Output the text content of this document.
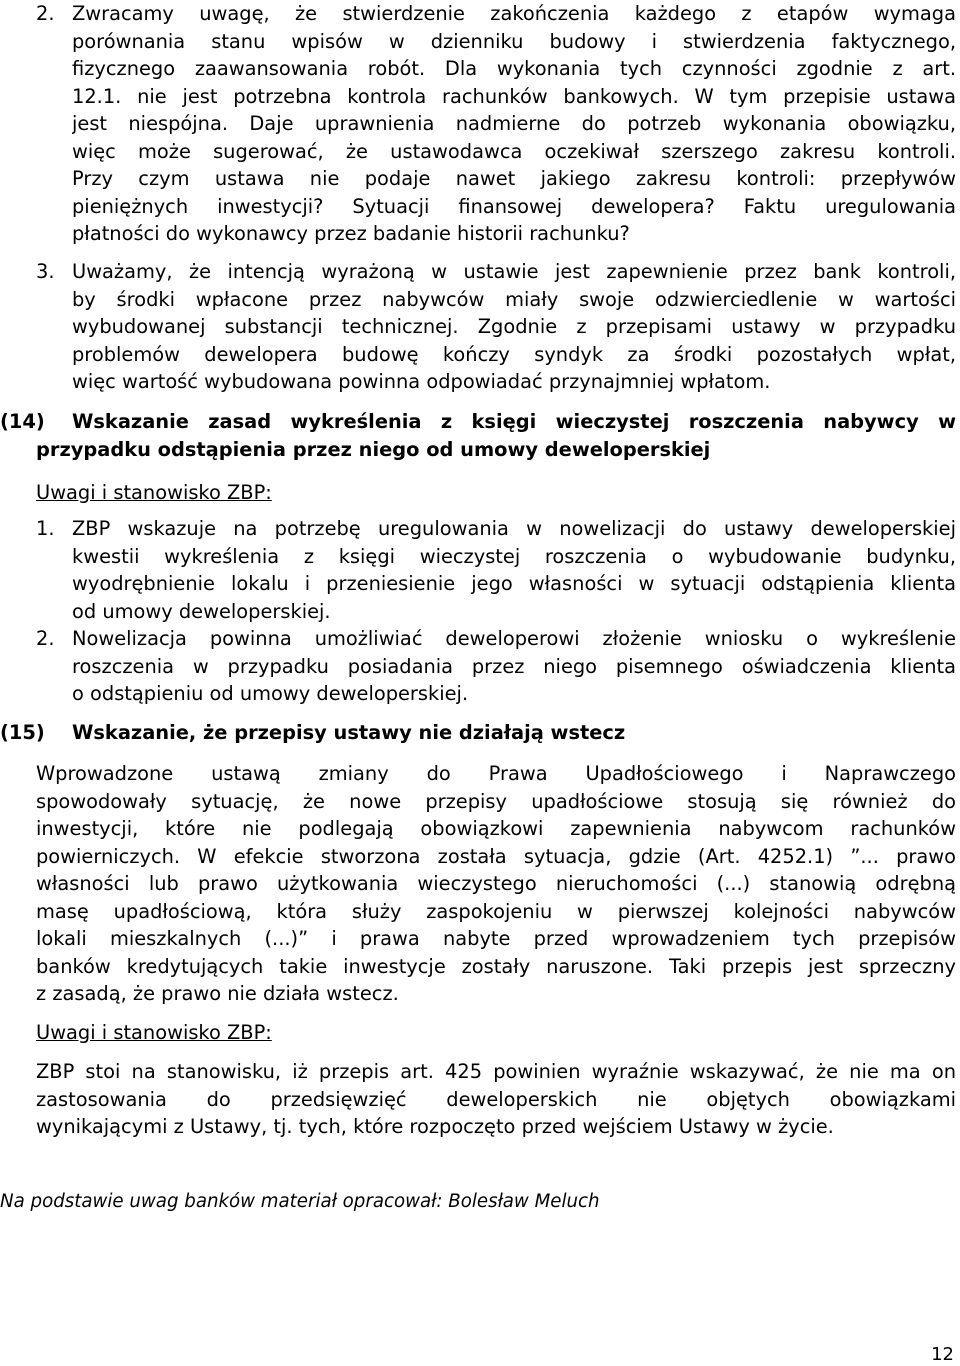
2. Zwracamy uwagę, że stwierdzenie zakończenia każdego z etapów wymaga
porównania stanu wpisów w dzienniku budowy i stwierdzenia faktycznego,
fizycznego zaawansowania robót. Dla wykonania tych czynności zgodnie z art.
12.1. nie jest potrzebna kontrola rachunków bankowych. W tym przepisie ustawa
jest niespójna. Daje uprawnienia nadmierne do potrzeb wykonania obowiązku,
więc może sugerować, że ustawodawca oczekiwał szerszego zakresu kontroli.
Przy czym ustawa nie podaje nawet jakiego zakresu kontroli: przepływów
pieniężnych inwestycji? Sytuacji finansowej dewelopera? Faktu uregulowania
płatności do wykonawcy przez badanie historii rachunku?
3. Uważamy, że intencją wyrażoną w ustawie jest zapewnienie przez bank kontroli,
by środki wpłacone przez nabywców miały swoje odzwierciedlenie w wartości
wybudowanej substancji technicznej. Zgodnie z przepisami ustawy w przypadku
problemów dewelopera budowę kończy syndyk za środki pozostałych wpłat,
więc wartość wybudowana powinna odpowiadać przynajmniej wpłatom.
(14) Wskazanie zasad wykreślenia z księgi wieczystej roszczenia nabywcy w
przypadku odstąpienia przez niego od umowy deweloperskiej
Uwagi i stanowisko ZBP:
1. ZBP wskazuje na potrzebę uregulowania w nowelizacji do ustawy deweloperskiej
kwestii wykreślenia z księgi wieczystej roszczenia o wybudowanie budynku,
wyodrębnienie lokalu i przeniesienie jego własności w sytuacji odstąpienia klienta
od umowy deweloperskiej.
2. Nowelizacja powinna umożliwiać deweloperowi złożenie wniosku o wykreślenie
roszczenia w przypadku posiadania przez niego pisemnego oświadczenia klienta
o odstąpieniu od umowy deweloperskiej.
(15) Wskazanie, że przepisy ustawy nie działają wstecz
Wprowadzone ustawą zmiany do Prawa Upadłościowego i Naprawczego
spowodowały sytuację, że nowe przepisy upadłościowe stosują się również do
inwestycji, które nie podlegają obowiązkowi zapewnienia nabywcom rachunków
powierniczych. W efekcie stworzona została sytuacja, gdzie (Art. 4252.1) ”... prawo
własności lub prawo użytkowania wieczystego nieruchomości (...) stanowią odrębną
masę upadłościową, która służy zaspokojeniu w pierwszej kolejności nabywców
lokali mieszkalnych (...)” i prawa nabyte przed wprowadzeniem tych przepisów
banków kredytujących takie inwestycje zostały naruszone. Taki przepis jest sprzeczny
z zasadą, że prawo nie działa wstecz.
Uwagi i stanowisko ZBP:
ZBP stoi na stanowisku, iż przepis art. 425 powinien wyraźnie wskazywać, że nie ma on
zastosowania do przedsięwzięć deweloperskich nie objętych obowiązkami
wynikającymi z Ustawy, tj. tych, które rozpoczęto przed wejściem Ustawy w życie.
Na podstawie uwag banków materiał opracował: Bolesław Meluch
12
